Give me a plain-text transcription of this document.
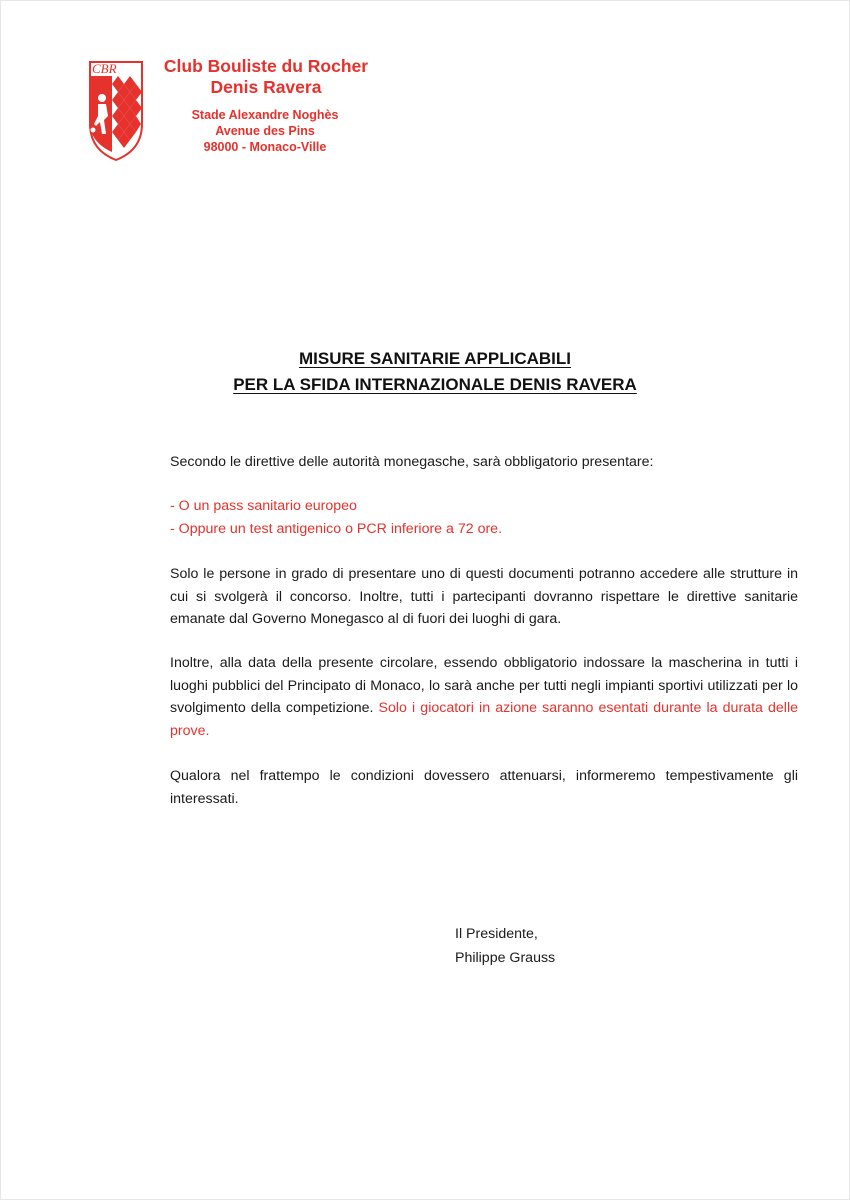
CBR	Club Bouliste du Rocher
Denis Ravera
Stade Alexandre Noghès
Avenue des Pins
98000 - Monaco-Ville
MISURE SANITARIE APPLICABILI
PER LA SFIDA INTERNAZIONALE DENIS RAVERA

Secondo le direttive delle autorità monegasche, sarà obbligatorio presentare:

- O un pass sanitario europeo

- Oppure un test antigenico o PCR inferiore a 72 ore.

Solo le persone in grado di presentare uno di questi documenti potranno accedere alle strutture in cui si svolgerà il concorso. Inoltre, tutti i partecipanti dovranno rispettare le direttive sanitarie emanate dal Governo Monegasco al di fuori dei luoghi di gara.

Inoltre, alla data della presente circolare, essendo obbligatorio indossare la mascherina in tutti i luoghi pubblici del Principato di Monaco, lo sarà anche per tutti negli impianti sportivi utilizzati per lo svolgimento della competizione. Solo i giocatori in azione saranno esentati durante la durata delle prove.

Qualora nel frattempo le condizioni dovessero attenuarsi, informeremo tempestivamente gli interessati.

Il Presidente,
Philippe Grauss
